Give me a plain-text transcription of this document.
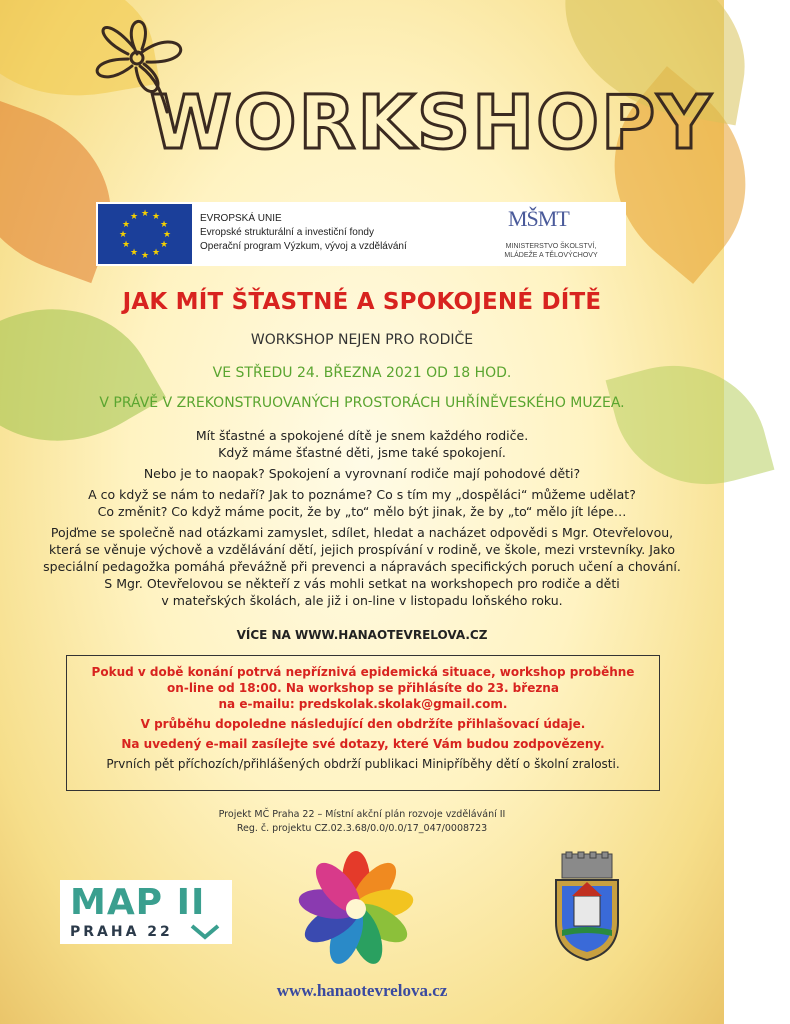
WORKSHOPY
★ ★
★
★
★
★
★
★
★
★
★
★	EVROPSKÁ UNIE
Evropské strukturální a investiční fondy
Operační program Výzkum, vývoj a vzdělávání
MŠMT
MINISTERSTVO ŠKOLSTVÍ,
MLÁDEŽE A TĚLOVÝCHOVY
JAK MÍT ŠŤASTNÉ A SPOKOJENÉ DÍTĚ
WORKSHOP NEJEN PRO RODIČE
VE STŘEDU 24. BŘEZNA 2021 OD 18 HOD.
V PRÁVĚ V ZREKONSTRUOVANÝCH PROSTORÁCH UHŘÍNĚVESKÉHO MUZEA.
Mít šťastné a spokojené dítě je snem každého rodiče.
Když máme šťastné děti, jsme také spokojení.
Nebo je to naopak? Spokojení a vyrovnaní rodiče mají pohodové děti?
A co když se nám to nedaří? Jak to poznáme? Co s tím my „dospěláci“ můžeme udělat?
Co změnit? Co když máme pocit, že by „to“ mělo být jinak, že by „to“ mělo jít lépe…
Pojďme se společně nad otázkami zamyslet, sdílet, hledat a nacházet odpovědi s Mgr. Otevřelovou,
která se věnuje výchově a vzdělávání dětí, jejich prospívání v rodině, ve škole, mezi vrstevníky. Jako
speciální pedagožka pomáhá převážně při prevenci a nápravách specifických poruch učení a chování.
S Mgr. Otevřelovou se někteří z vás mohli setkat na workshopech pro rodiče a děti
v mateřských školách, ale již i on-line v listopadu loňského roku.
VÍCE NA WWW.HANAOTEVRELOVA.CZ
Pokud v době konání potrvá nepříznivá epidemická situace, workshop proběhne
on-line od 18:00. Na workshop se přihlásíte do 23. března
na e-mailu: predskolak.skolak@gmail.com.
V průběhu dopoledne následující den obdržíte přihlašovací údaje.
Na uvedený e-mail zasílejte své dotazy, které Vám budou zodpovězeny.
Prvních pět příchozích/přihlášených obdrží publikaci Minipříběhy dětí o školní zralosti.
Projekt MČ Praha 22 – Místní akční plán rozvoje vzdělávání II
Reg. č. projektu CZ.02.3.68/0.0/0.0/17_047/0008723
MAP II
PRAHA 22
www.hanaotevrelova.cz
